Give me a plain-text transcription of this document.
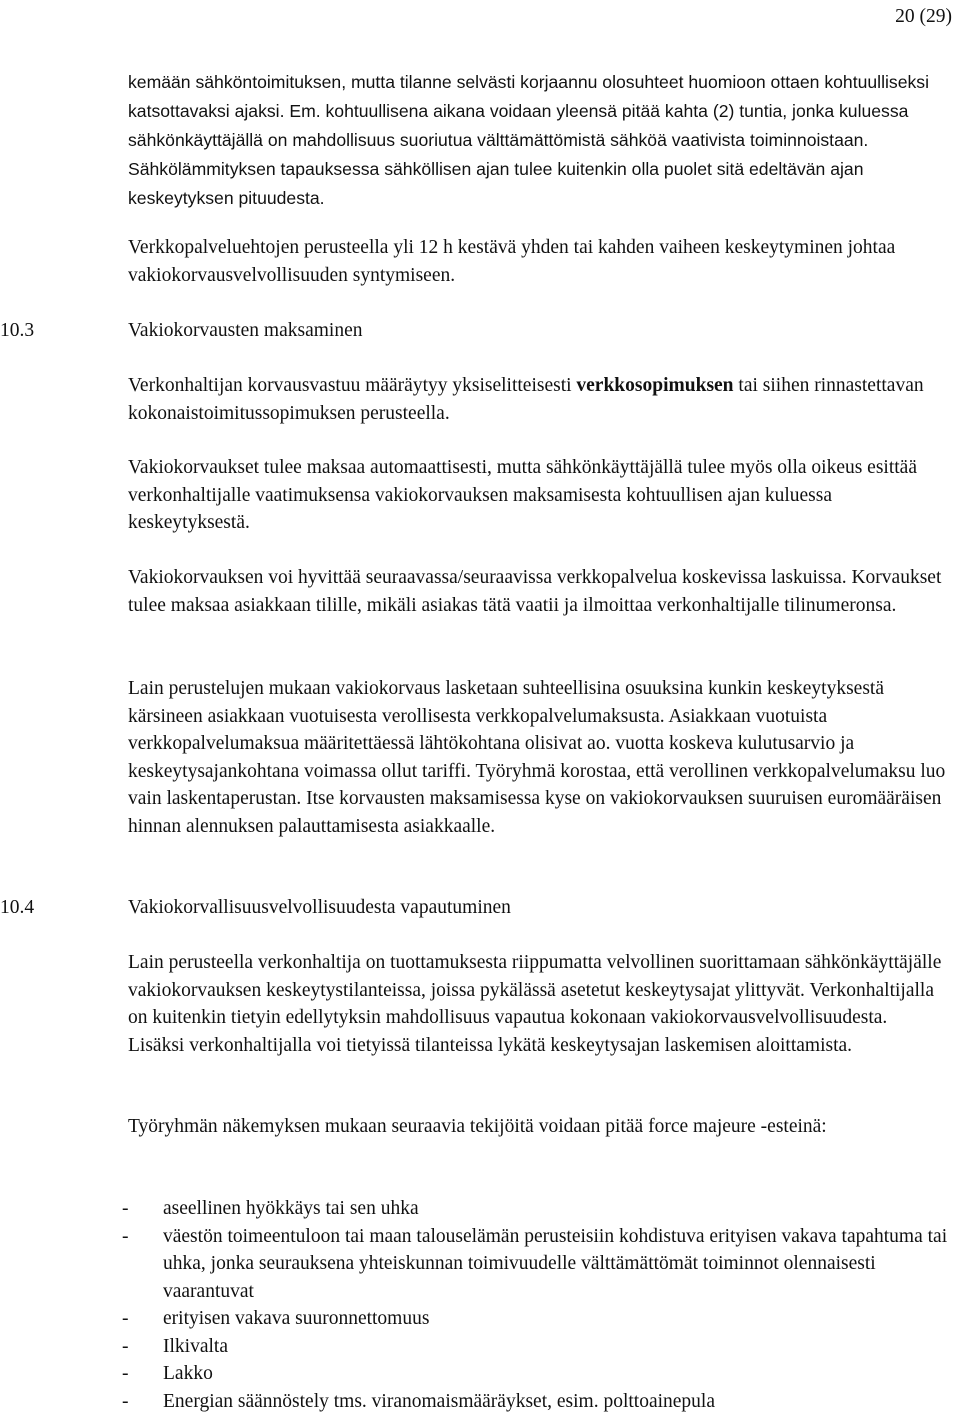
20 (29)

kemään sähköntoimituksen, mutta tilanne selvästi korjaannu olosuhteet huomioon ottaen kohtuulliseksi katsottavaksi ajaksi. Em. kohtuullisena aikana voidaan yleensä pitää kahta (2) tuntia, jonka kuluessa sähkönkäyttäjällä on mahdollisuus suoriutua välttämättömistä sähköä vaativista toiminnoistaan. Sähkölämmityksen tapauksessa sähköllisen ajan tulee kuitenkin olla puolet sitä edeltävän ajan keskeytyksen pituudesta.

Verkkopalveluehtojen perusteella yli 12 h kestävä yhden tai kahden vaiheen keskeytyminen johtaa vakiokorvausvelvollisuuden syntymiseen.

10.3	Vakiokorvausten maksaminen

Verkonhaltijan korvausvastuu määräytyy yksiselitteisesti verkkosopimuksen tai siihen rinnastettavan kokonaistoimitussopimuksen perusteella.

Vakiokorvaukset tulee maksaa automaattisesti, mutta sähkönkäyttäjällä tulee myös olla oikeus esittää verkonhaltijalle vaatimuksensa vakiokorvauksen maksamisesta kohtuullisen ajan kuluessa keskeytyksestä.

Vakiokorvauksen voi hyvittää seuraavassa/seuraavissa verkkopalvelua koskevissa laskuissa. Korvaukset tulee maksaa asiakkaan tilille, mikäli asiakas tätä vaatii ja ilmoittaa verkonhaltijalle tilinumeronsa.

Lain perustelujen mukaan vakiokorvaus lasketaan suhteellisina osuuksina kunkin keskeytyksestä kärsineen asiakkaan vuotuisesta verollisesta verkkopalvelumaksusta. Asiakkaan vuotuista verkkopalvelumaksua määritettäessä lähtökohtana olisivat ao. vuotta koskeva kulutusarvio ja keskeytysajankohtana voimassa ollut tariffi. Työryhmä korostaa, että verollinen verkkopalvelumaksu luo vain laskentaperustan. Itse korvausten maksamisessa kyse on vakiokorvauksen suuruisen euromääräisen hinnan alennuksen palauttamisesta asiakkaalle.

10.4	Vakiokorvallisuusvelvollisuudesta vapautuminen

Lain perusteella verkonhaltija on tuottamuksesta riippumatta velvollinen suorittamaan sähkönkäyttäjälle vakiokorvauksen keskeytystilanteissa, joissa pykälässä asetetut keskeytysajat ylittyvät. Verkonhaltijalla on kuitenkin tietyin edellytyksin mahdollisuus vapautua kokonaan vakiokorvausvelvollisuudesta. Lisäksi verkonhaltijalla voi tietyissä tilanteissa lykätä keskeytysajan laskemisen aloittamista.

Työryhmän näkemyksen mukaan seuraavia tekijöitä voidaan pitää force majeure -esteinä:

- aseellinen hyökkäys tai sen uhka
- väestön toimeentuloon tai maan talouselämän perusteisiin kohdistuva erityisen vakava tapahtuma tai uhka, jonka seurauksena yhteiskunnan toimivuudelle välttämättömät toiminnot olennaisesti vaarantuvat
- erityisen vakava suuronnettomuus
- Ilkivalta
- Lakko
- Energian säännöstely tms. viranomaismääräykset, esim. polttoainepula
